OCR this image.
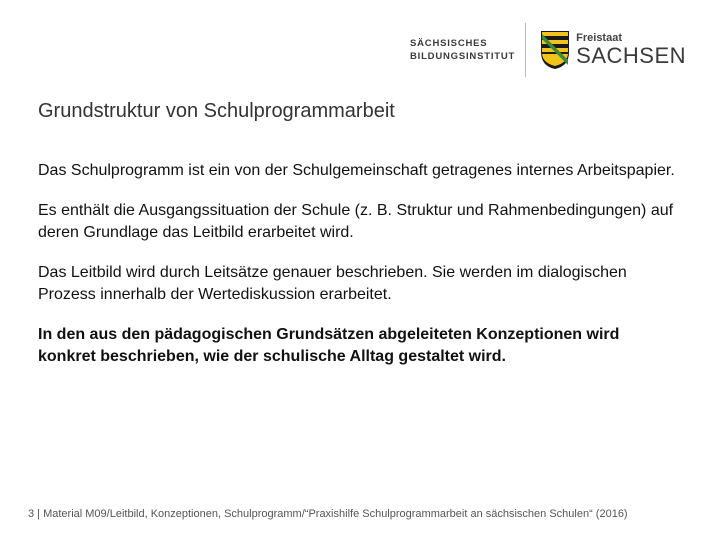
SÄCHSISCHES
BILDUNGSINSTITUT
Freistaat
SACHSEN
Grundstruktur von Schulprogrammarbeit

Das Schulprogramm ist ein von der Schulgemeinschaft getragenes internes Arbeitspapier.

Es enthält die Ausgangssituation der Schule (z. B. Struktur und Rahmenbedingungen) auf deren Grundlage das Leitbild erarbeitet wird.

Das Leitbild wird durch Leitsätze genauer beschrieben. Sie werden im dialogischen Prozess innerhalb der Wertediskussion erarbeitet.

In den aus den pädagogischen Grundsätzen abgeleiteten Konzeptionen wird konkret beschrieben, wie der schulische Alltag gestaltet wird.

3 | Material M09/Leitbild, Konzeptionen, Schulprogramm/“Praxishilfe Schulprogrammarbeit an sächsischen Schulen“ (2016)
